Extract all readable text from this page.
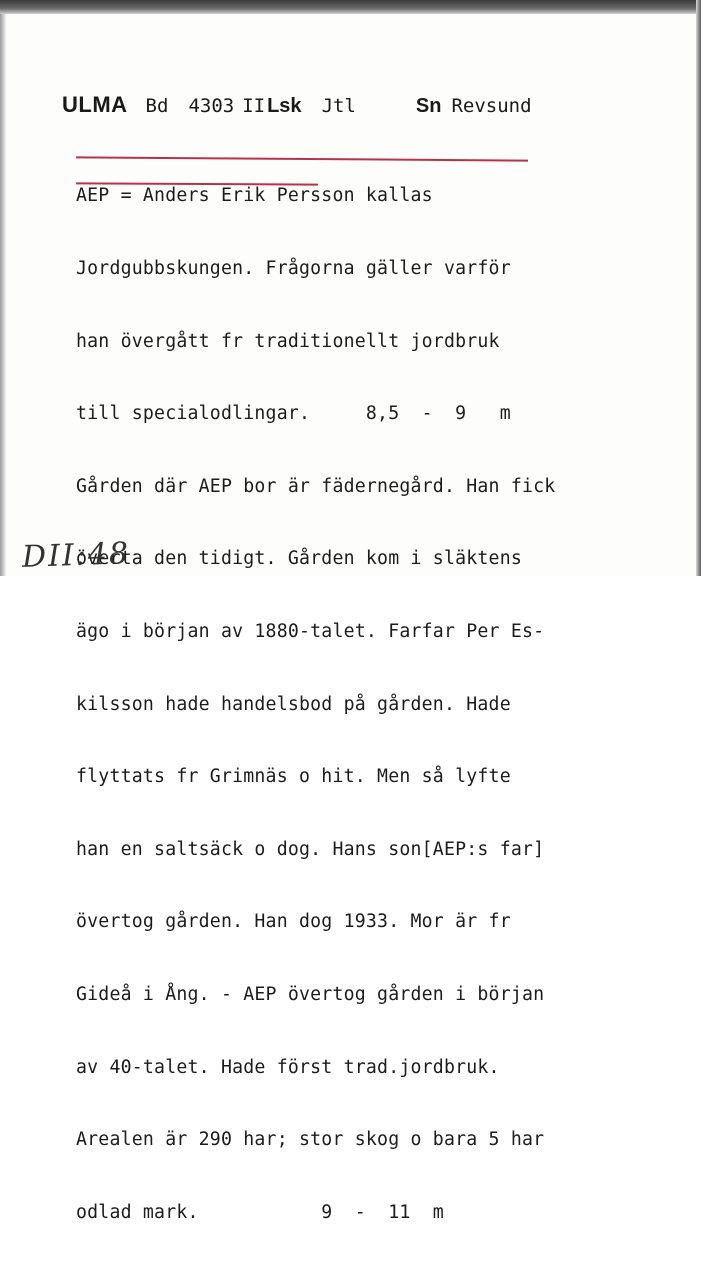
ULMA Bd 4303 II Lsk Jtl	Sn Revsund

AEP = Anders Erik Persson kallas

Jordgubbskungen. Frågorna gäller varför

han övergått fr traditionellt jordbruk

till specialodlingar.     8,5  -  9   m

Gården där AEP bor är fädernegård. Han fick

överta den tidigt. Gården kom i släktens

ägo i början av 1880-talet. Farfar Per Es-

kilsson hade handelsbod på gården. Hade

flyttats fr Grimnäs o hit. Men så lyfte

han en saltsäck o dog. Hans son[AEP:s far]

övertog gården. Han dog 1933. Mor är fr

Gideå i Ång. - AEP övertog gården i början

av 40-talet. Hade först trad.jordbruk.

Arealen är 290 har; stor skog o bara 5 har

odlad mark.           9  -  11  m

DII:48
